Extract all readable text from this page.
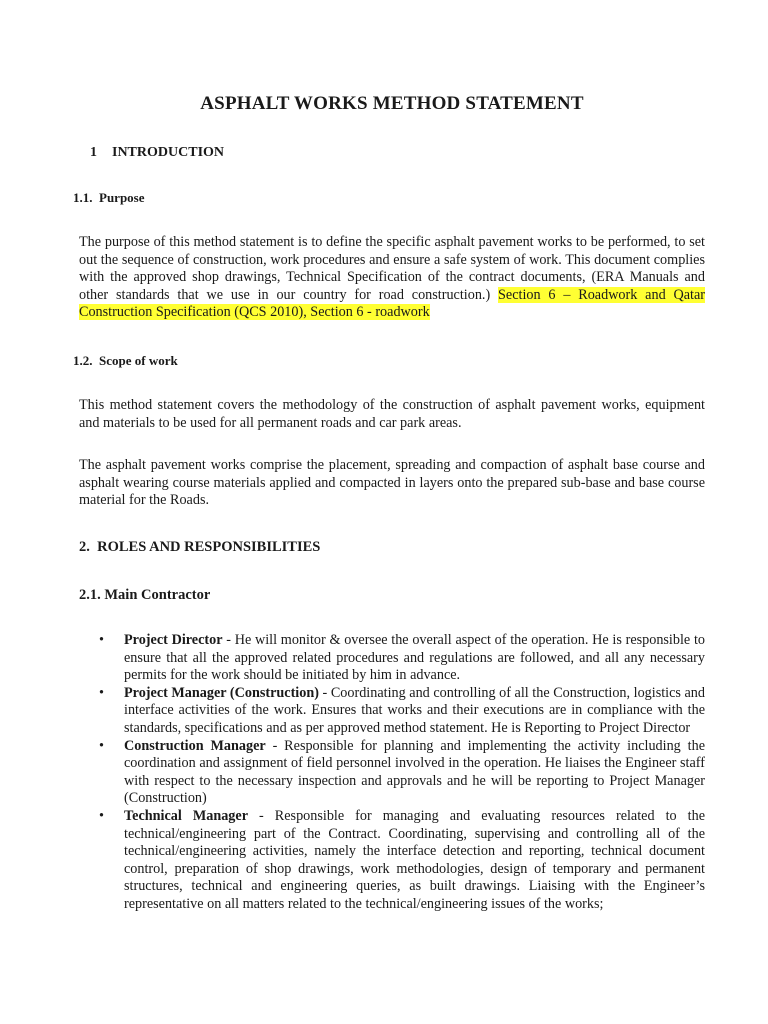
ASPHALT WORKS METHOD STATEMENT
1 INTRODUCTION
1.1.  Purpose
The purpose of this method statement is to define the specific asphalt pavement works to be performed, to set out the sequence of construction, work procedures and ensure a safe system of work. This document complies with the approved shop drawings, Technical Specification of the contract documents, (ERA Manuals and other standards that we use in our country for road construction.) Section 6 – Roadwork and Qatar Construction Specification (QCS 2010), Section 6 - roadwork
1.2.  Scope of work
This method statement covers the methodology of the construction of asphalt pavement works, equipment and materials to be used for all permanent roads and car park areas.
The asphalt pavement works comprise the placement, spreading and compaction of asphalt base course and asphalt wearing course materials applied and compacted in layers onto the prepared sub-base and base course material for the Roads.
2.  ROLES AND RESPONSIBILITIES
2.1. Main Contractor
• Project Director - He will monitor & oversee the overall aspect of the operation. He is responsible to ensure that all the approved related procedures and regulations are followed, and all any necessary permits for the work should be initiated by him in advance.
• Project Manager (Construction) - Coordinating and controlling of all the Construction, logistics and interface activities of the work. Ensures that works and their executions are in compliance with the standards, specifications and as per approved method statement. He is Reporting to Project Director
• Construction Manager - Responsible for planning and implementing the activity including the coordination and assignment of field personnel involved in the operation. He liaises the Engineer staff with respect to the necessary inspection and approvals and he will be reporting to Project Manager (Construction)
• Technical Manager - Responsible for managing and evaluating resources related to the technical/engineering part of the Contract. Coordinating, supervising and controlling all of the technical/engineering activities, namely the interface detection and reporting, technical document control, preparation of shop drawings, work methodologies, design of temporary and permanent structures, technical and engineering queries, as built drawings. Liaising with the Engineer’s representative on all matters related to the technical/engineering issues of the works;
